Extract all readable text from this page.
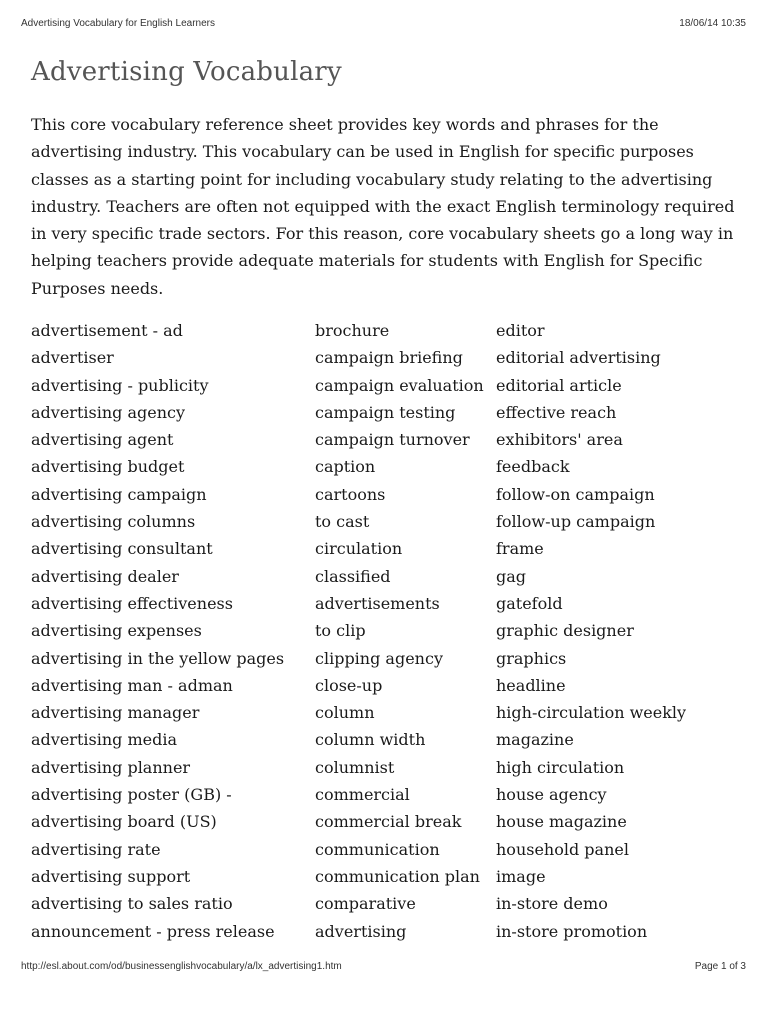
Advertising Vocabulary for English Learners	18/06/14 10:35
Advertising Vocabulary

This core vocabulary reference sheet provides key words and phrases for the advertising industry. This vocabulary can be used in English for specific purposes classes as a starting point for including vocabulary study relating to the advertising industry. Teachers are often not equipped with the exact English terminology required in very specific trade sectors. For this reason, core vocabulary sheets go a long way in helping teachers provide adequate materials for students with English for Specific Purposes needs.

advertisement - ad
advertiser
advertising - publicity
advertising agency
advertising agent
advertising budget
advertising campaign
advertising columns
advertising consultant
advertising dealer
advertising effectiveness
advertising expenses
advertising in the yellow pages
advertising man - adman
advertising manager
advertising media
advertising planner
advertising poster (GB) -
advertising board (US)
advertising rate
advertising support
advertising to sales ratio
announcement - press release
brochure
campaign briefing
campaign evaluation
campaign testing
campaign turnover
caption
cartoons
to cast
circulation
classified
advertisements
to clip
clipping agency
close-up
column
column width
columnist
commercial
commercial break
communication
communication plan
comparative
advertising
editor
editorial advertising
editorial article
effective reach
exhibitors' area
feedback
follow-on campaign
follow-up campaign
frame
gag
gatefold
graphic designer
graphics
headline
high-circulation weekly
magazine
high circulation
house agency
house magazine
household panel
image
in-store demo
in-store promotion
http://esl.about.com/od/businessenglishvocabulary/a/lx_advertising1.htm	Page 1 of 3
